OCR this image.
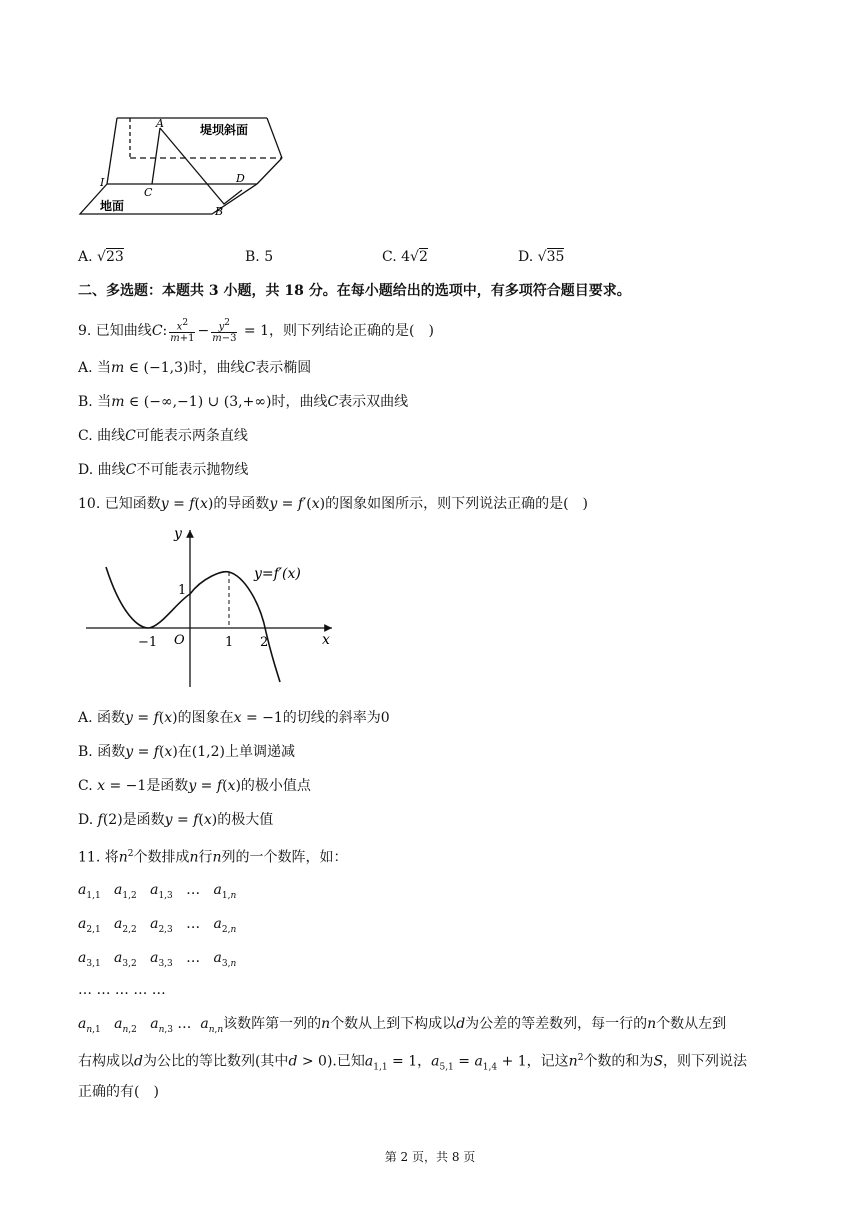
A
C
D
B
I
堤坝斜面
地面
A. √23	B. 5	C. 4√2	D. √35
二、多选题：本题共 3 小题，共 18 分。在每小题给出的选项中，有多项符合题目要求。
9. 已知曲线C: $\frac{x^2}{m+1} - \frac{y^2}{m-3} = 1$，则下列结论正确的是(　)
A. 当m ∈ (−1,3)时，曲线C表示椭圆
B. 当m ∈ (−∞,−1) ∪ (3,+∞)时，曲线C表示双曲线
C. 曲线C可能表示两条直线
D. 曲线C不可能表示抛物线
10. 已知函数y = f(x)的导函数y = f′(x)的图象如图所示，则下列说法正确的是(　)
y
x
O
−1	1 2
1
y=f′(x)
A. 函数y = f(x)的图象在x = −1的切线的斜率为0
B. 函数y = f(x)在(1,2)上单调递减
C. x = −1是函数y = f(x)的极小值点
D. f(2)是函数y = f(x)的极大值
11. 将$n^2$个数排成n行n列的一个数阵，如：
$a_{1,1}$ $a_{1,2}$ $a_{1,3}$   …   $a_{1,n}$
$a_{2,1}$ $a_{2,2}$ $a_{2,3}$   …   $a_{2,n}$
$a_{3,1}$ $a_{3,2}$ $a_{3,3}$   …   $a_{3,n}$
… … … … …
$a_{n,1}$ $a_{n,2}$ $a_{n,3}$ …  $a_{n,n}$该数阵第一列的n个数从上到下构成以d为公差的等差数列，每一行的n个数从左到
右构成以d为公比的等比数列(其中d > 0).已知$a_{1,1} = 1$，$a_{5,1} = a_{1,4} + 1$，记这$n^2$个数的和为S，则下列说法
正确的有(　)
第 2 页，共 8 页
